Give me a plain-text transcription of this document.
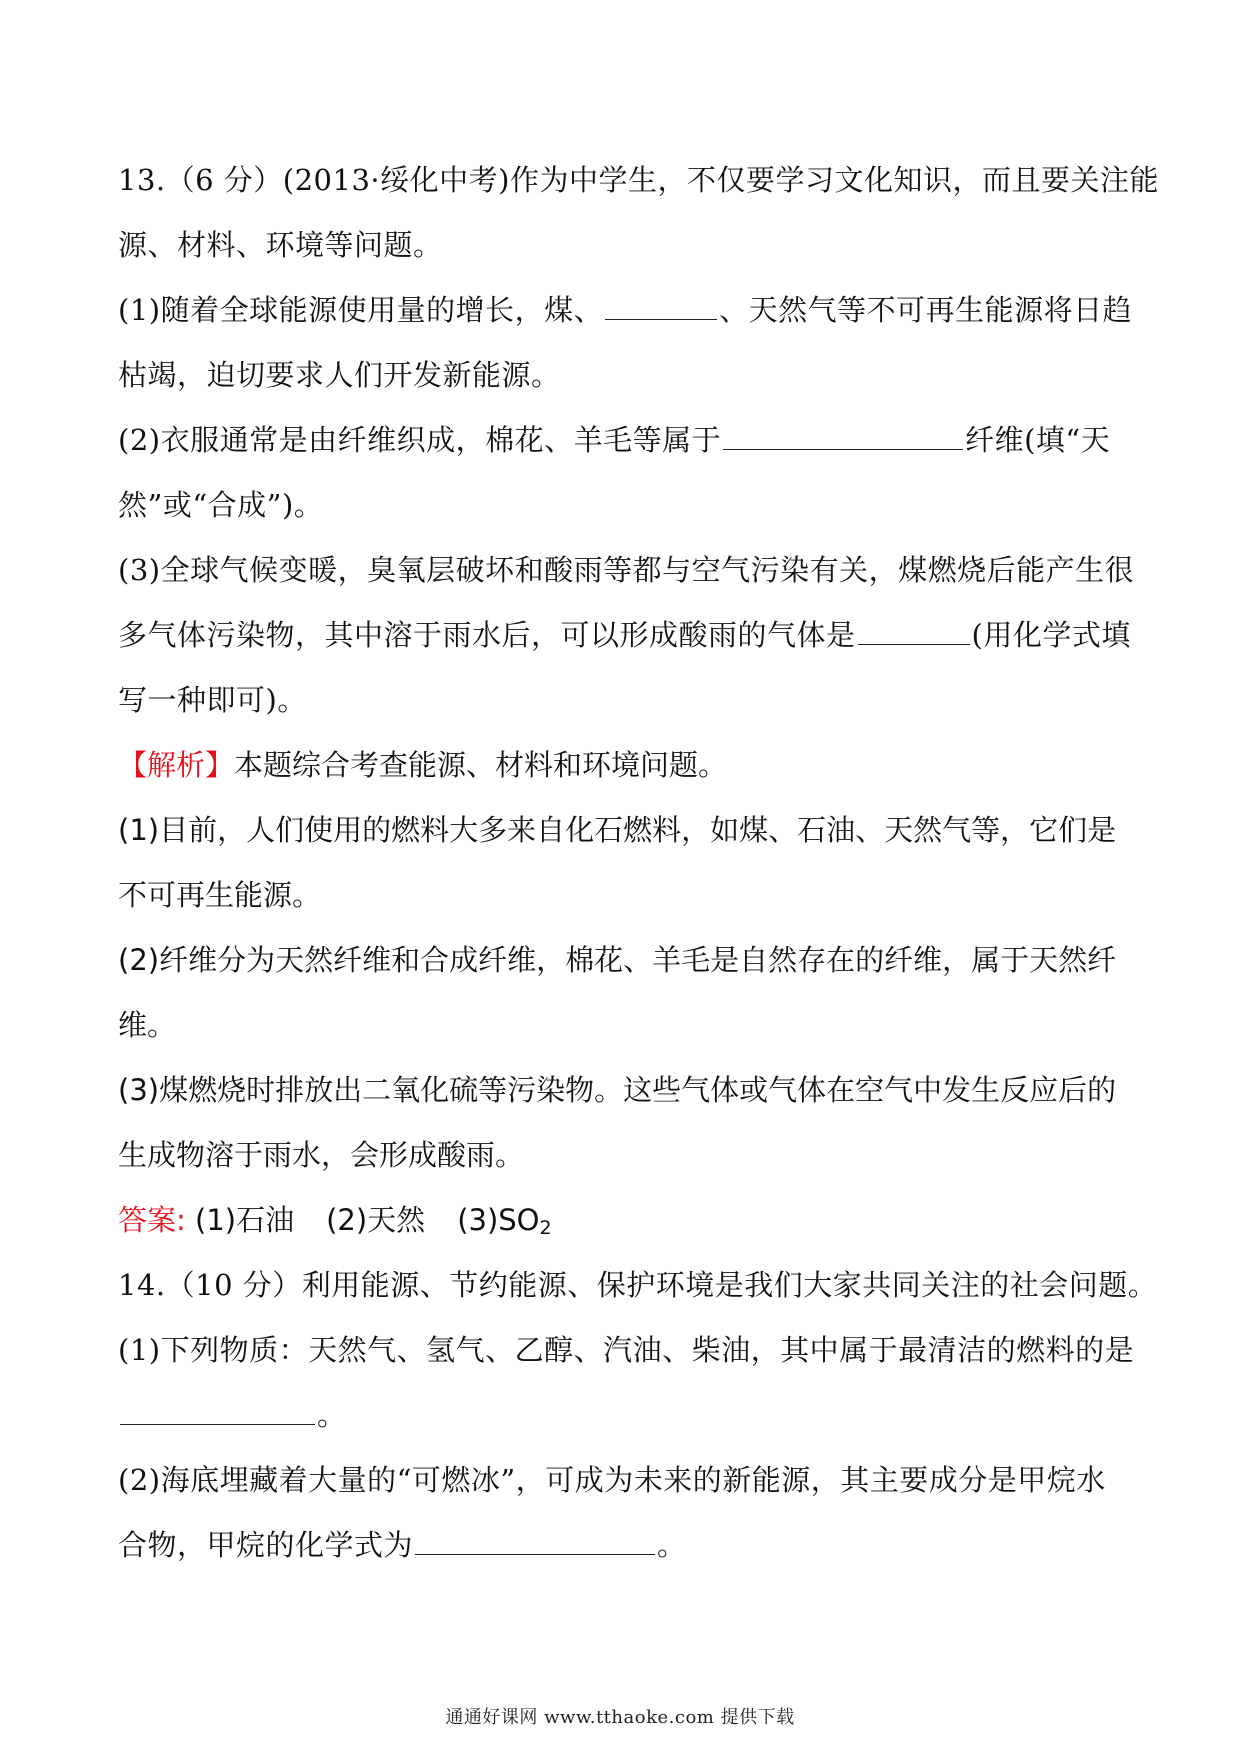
13.（6 分）(2013·绥化中考)作为中学生，不仅要学习文化知识，而且要关注能
源、材料、环境等问题。
(1)随着全球能源使用量的增长，煤、	、天然气等不可再生能源将日趋
枯竭，迫切要求人们开发新能源。
(2)衣服通常是由纤维织成，棉花、羊毛等属于	纤维(填“天
然”或“合成”)。
(3)全球气候变暖，臭氧层破坏和酸雨等都与空气污染有关，煤燃烧后能产生很
多气体污染物，其中溶于雨水后，可以形成酸雨的气体是	(用化学式填
写一种即可)。
【解析】本题综合考查能源、材料和环境问题。
(1)目前，人们使用的燃料大多来自化石燃料，如煤、石油、天然气等，它们是
不可再生能源。
(2)纤维分为天然纤维和合成纤维，棉花、羊毛是自然存在的纤维，属于天然纤
维。
(3)煤燃烧时排放出二氧化硫等污染物。这些气体或气体在空气中发生反应后的
生成物溶于雨水，会形成酸雨。
答案: (1)石油 (2)天然 $(3)SO_2$
14.（10 分）利用能源、节约能源、保护环境是我们大家共同关注的社会问题。
(1)下列物质：天然气、氢气、乙醇、汽油、柴油，其中属于最清洁的燃料的是
。
(2)海底埋藏着大量的“可燃冰”，可成为未来的新能源，其主要成分是甲烷水
合物，甲烷的化学式为	。
通通好课网 www.tthaoke.com 提供下载
